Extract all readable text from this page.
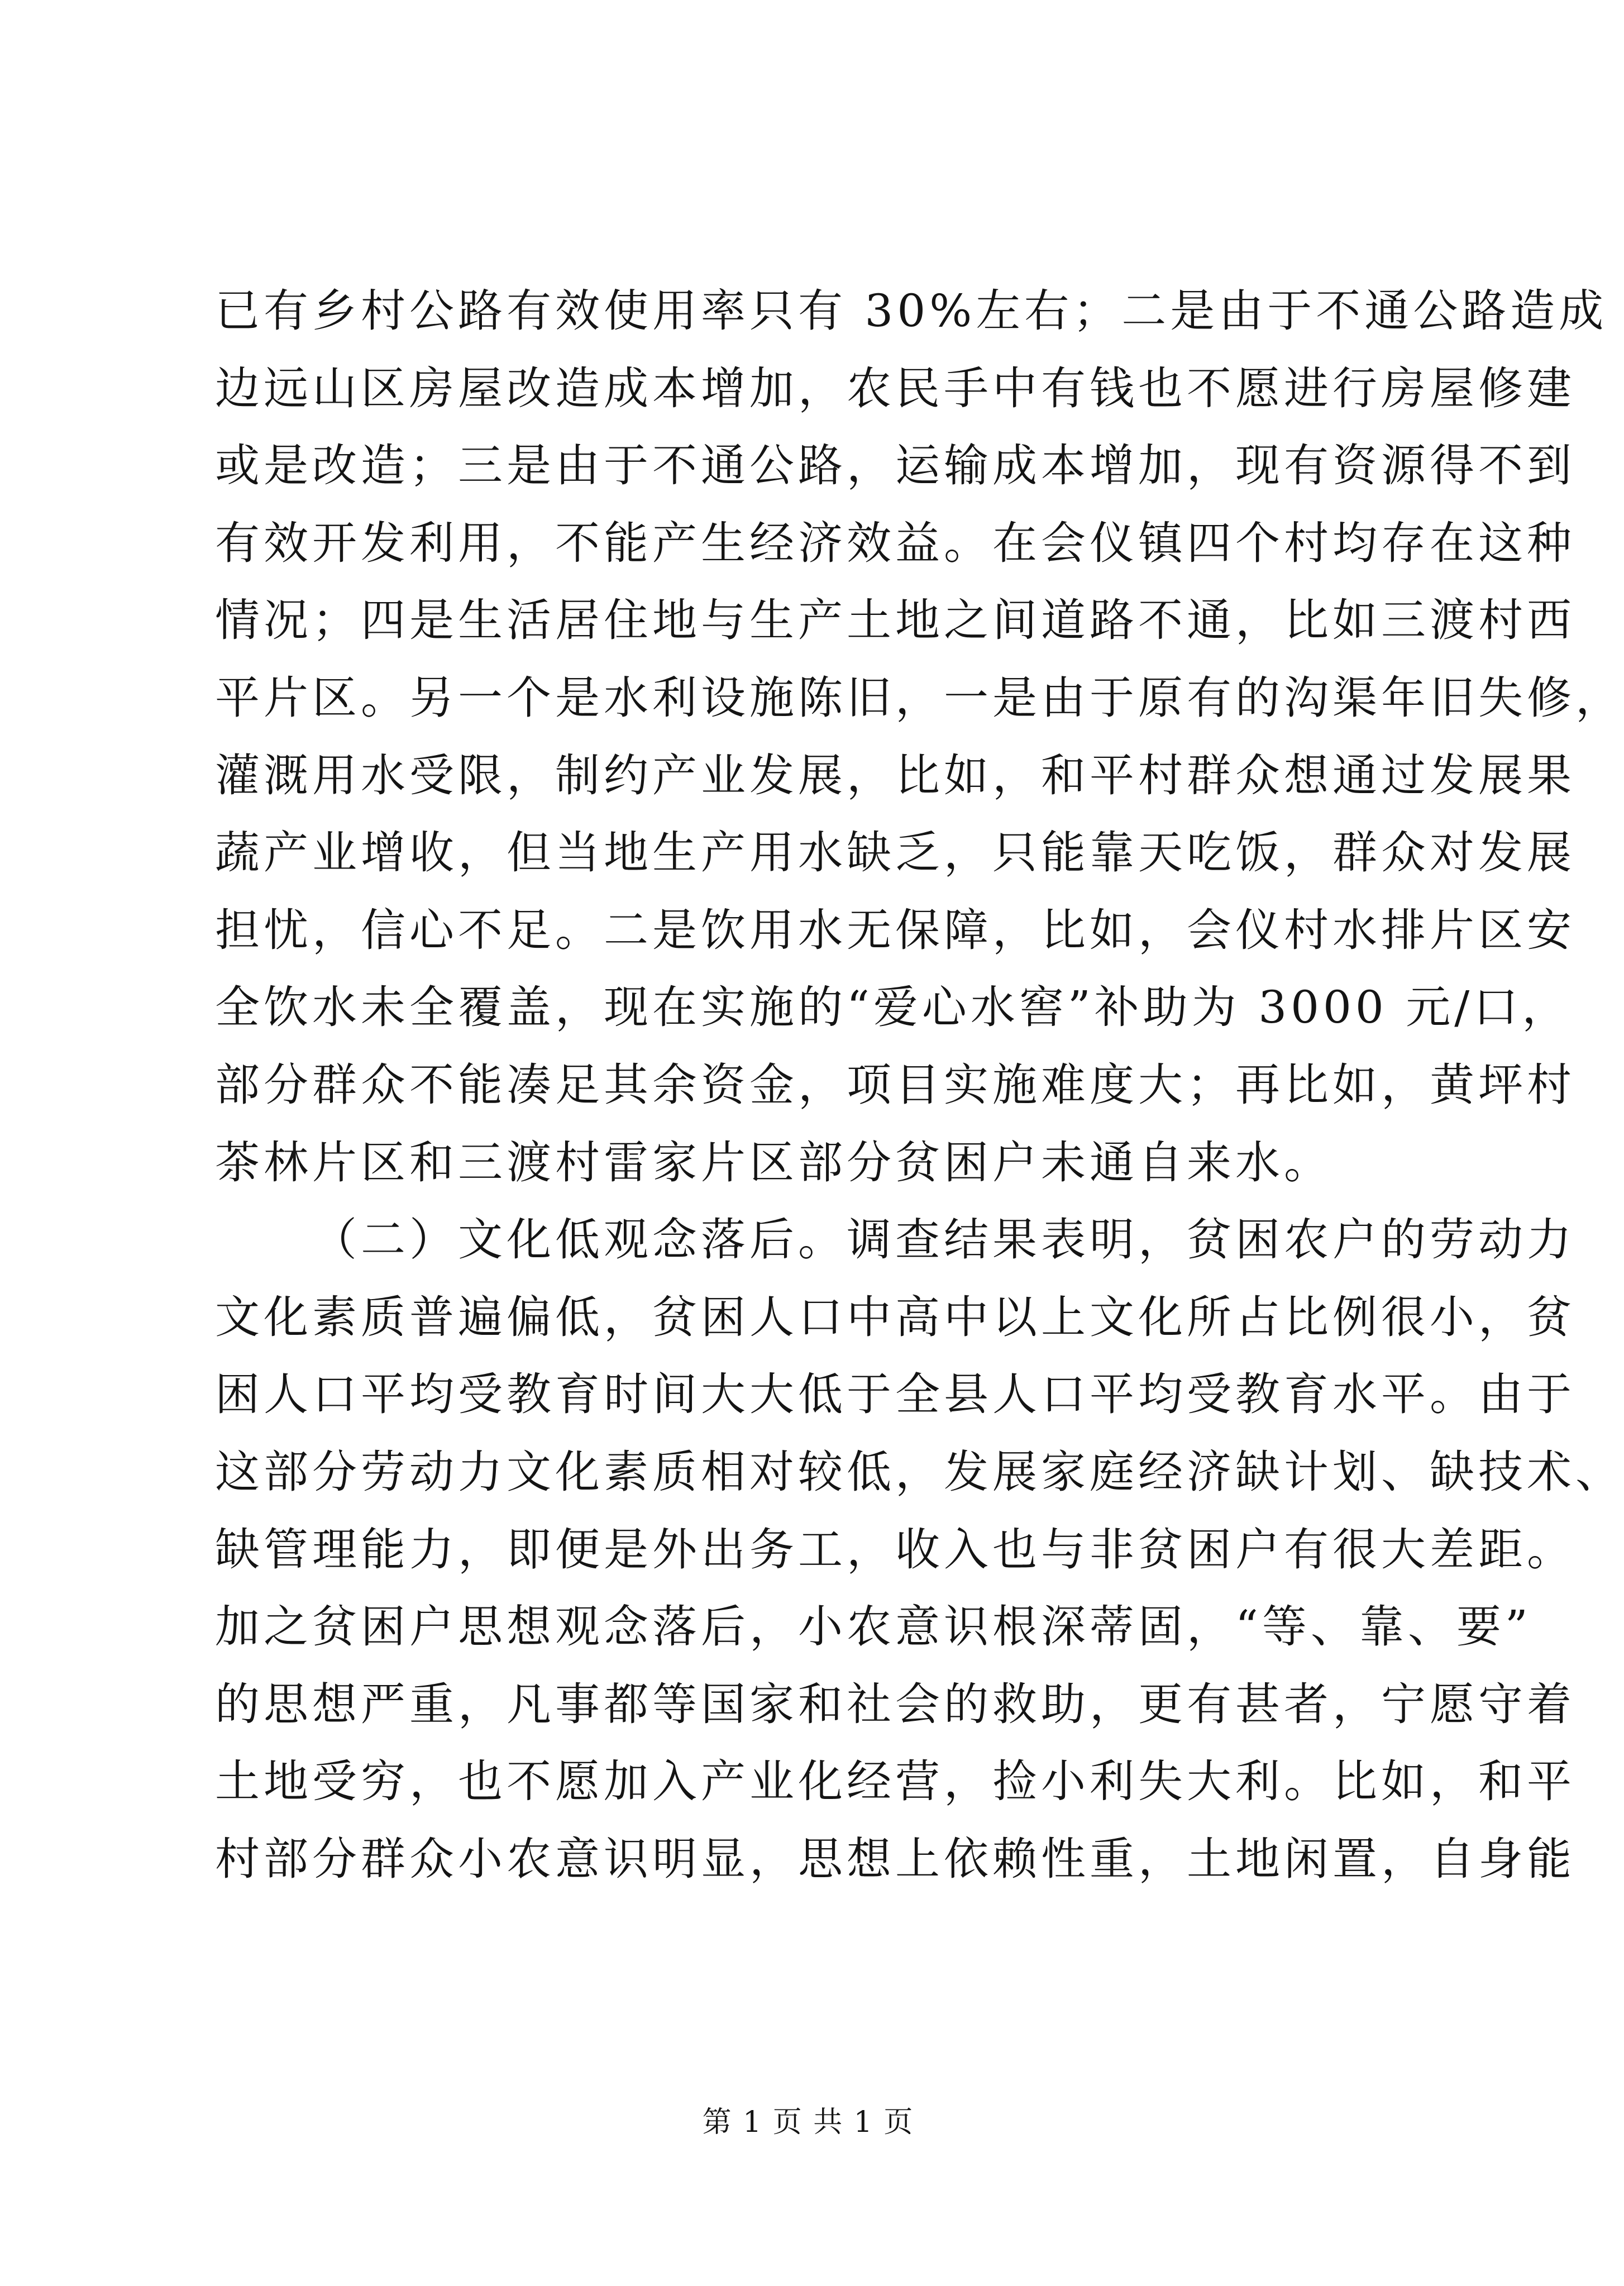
已有乡村公路有效使用率只有 30%左右；二是由于不通公路造成
边远山区房屋改造成本增加，农民手中有钱也不愿进行房屋修建
或是改造；三是由于不通公路，运输成本增加，现有资源得不到
有效开发利用，不能产生经济效益。在会仪镇四个村均存在这种
情况；四是生活居住地与生产土地之间道路不通，比如三渡村西
平片区。另一个是水利设施陈旧，一是由于原有的沟渠年旧失修，
灌溉用水受限，制约产业发展，比如，和平村群众想通过发展果
蔬产业增收，但当地生产用水缺乏，只能靠天吃饭，群众对发展
担忧，信心不足。二是饮用水无保障，比如，会仪村水排片区安
全饮水未全覆盖，现在实施的“爱心水窖”补助为 3000 元/口，
部分群众不能凑足其余资金，项目实施难度大；再比如，黄坪村
茶林片区和三渡村雷家片区部分贫困户未通自来水。
（二）文化低观念落后。调查结果表明，贫困农户的劳动力
文化素质普遍偏低，贫困人口中高中以上文化所占比例很小，贫
困人口平均受教育时间大大低于全县人口平均受教育水平。由于
这部分劳动力文化素质相对较低，发展家庭经济缺计划、缺技术、
缺管理能力，即便是外出务工，收入也与非贫困户有很大差距。
加之贫困户思想观念落后，小农意识根深蒂固，“等、靠、要”
的思想严重，凡事都等国家和社会的救助，更有甚者，宁愿守着
土地受穷，也不愿加入产业化经营，捡小利失大利。比如，和平
村部分群众小农意识明显，思想上依赖性重，土地闲置，自身能
第 1 页 共 1 页
